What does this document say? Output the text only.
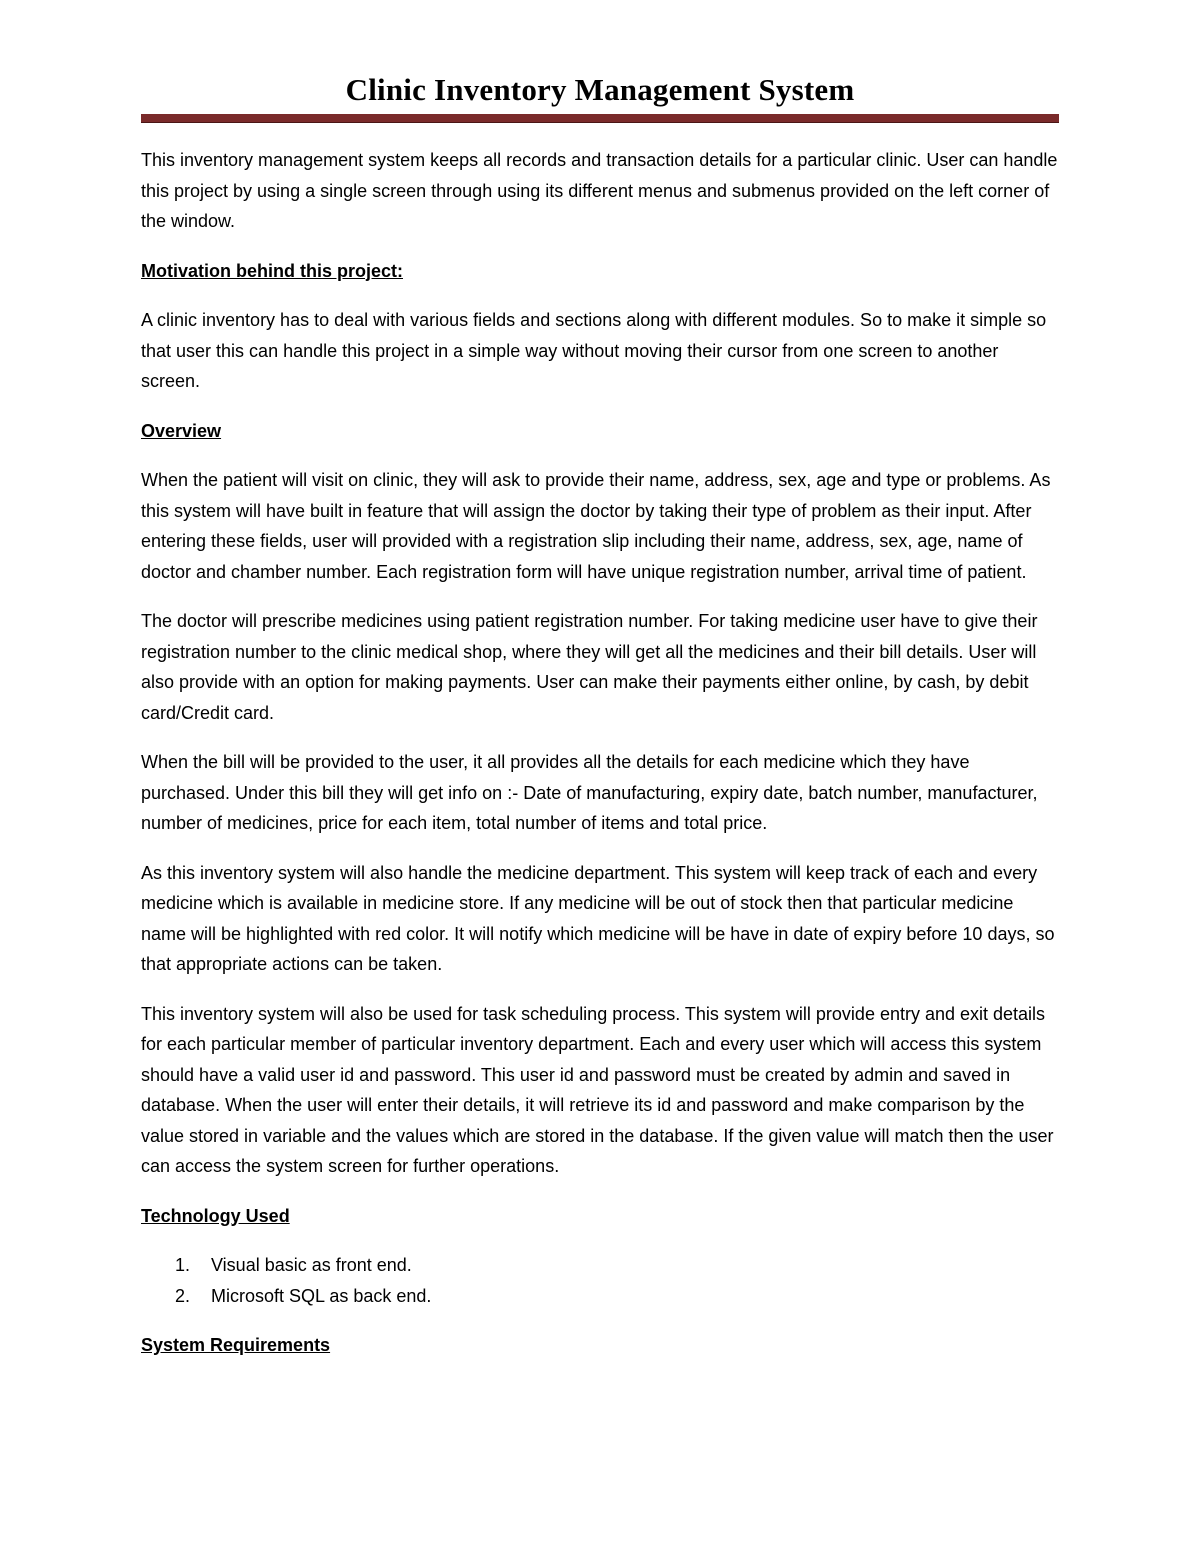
Clinic Inventory Management System

This inventory management system keeps all records and transaction details for a particular clinic. User can handle this project by using a single screen through using its different menus and submenus provided on the left corner of the window.

Motivation behind this project:

A clinic inventory has to deal with various fields and sections along with different modules. So to make it simple so that user this can handle this project in a simple way without moving their cursor from one screen to another screen.

Overview

When the patient will visit on clinic, they will ask to provide their name, address, sex, age and type or problems. As this system will have built in feature that will assign the doctor by taking their type of problem as their input. After entering these fields, user will provided with a registration slip including their name, address, sex, age, name of doctor and chamber number. Each registration form will have unique registration number, arrival time of patient.

The doctor will prescribe medicines using patient registration number. For taking medicine user have to give their registration number to the clinic medical shop, where they will get all the medicines and their bill details. User will also provide with an option for making payments. User can make their payments either online, by cash, by debit card/Credit card.

When the bill will be provided to the user, it all provides all the details for each medicine which they have purchased. Under this bill they will get info on :- Date of manufacturing, expiry date, batch number, manufacturer, number of medicines, price for each item, total number of items and total price.

As this inventory system will also handle the medicine department. This system will keep track of each and every medicine which is available in medicine store. If any medicine will be out of stock then that particular medicine name will be highlighted with red color. It will notify which medicine will be have in date of expiry before 10 days, so that appropriate actions can be taken.

This inventory system will also be used for task scheduling process. This system will provide entry and exit details for each particular member of particular inventory department. Each and every user which will access this system should have a valid user id and password. This user id and password must be created by admin and saved in database. When the user will enter their details, it will retrieve its id and password and make comparison by the value stored in variable and the values which are stored in the database. If the given value will match then the user can access the system screen for further operations.

Technology Used

1.	Visual basic as front end.
2.	Microsoft SQL as back end.

System Requirements
